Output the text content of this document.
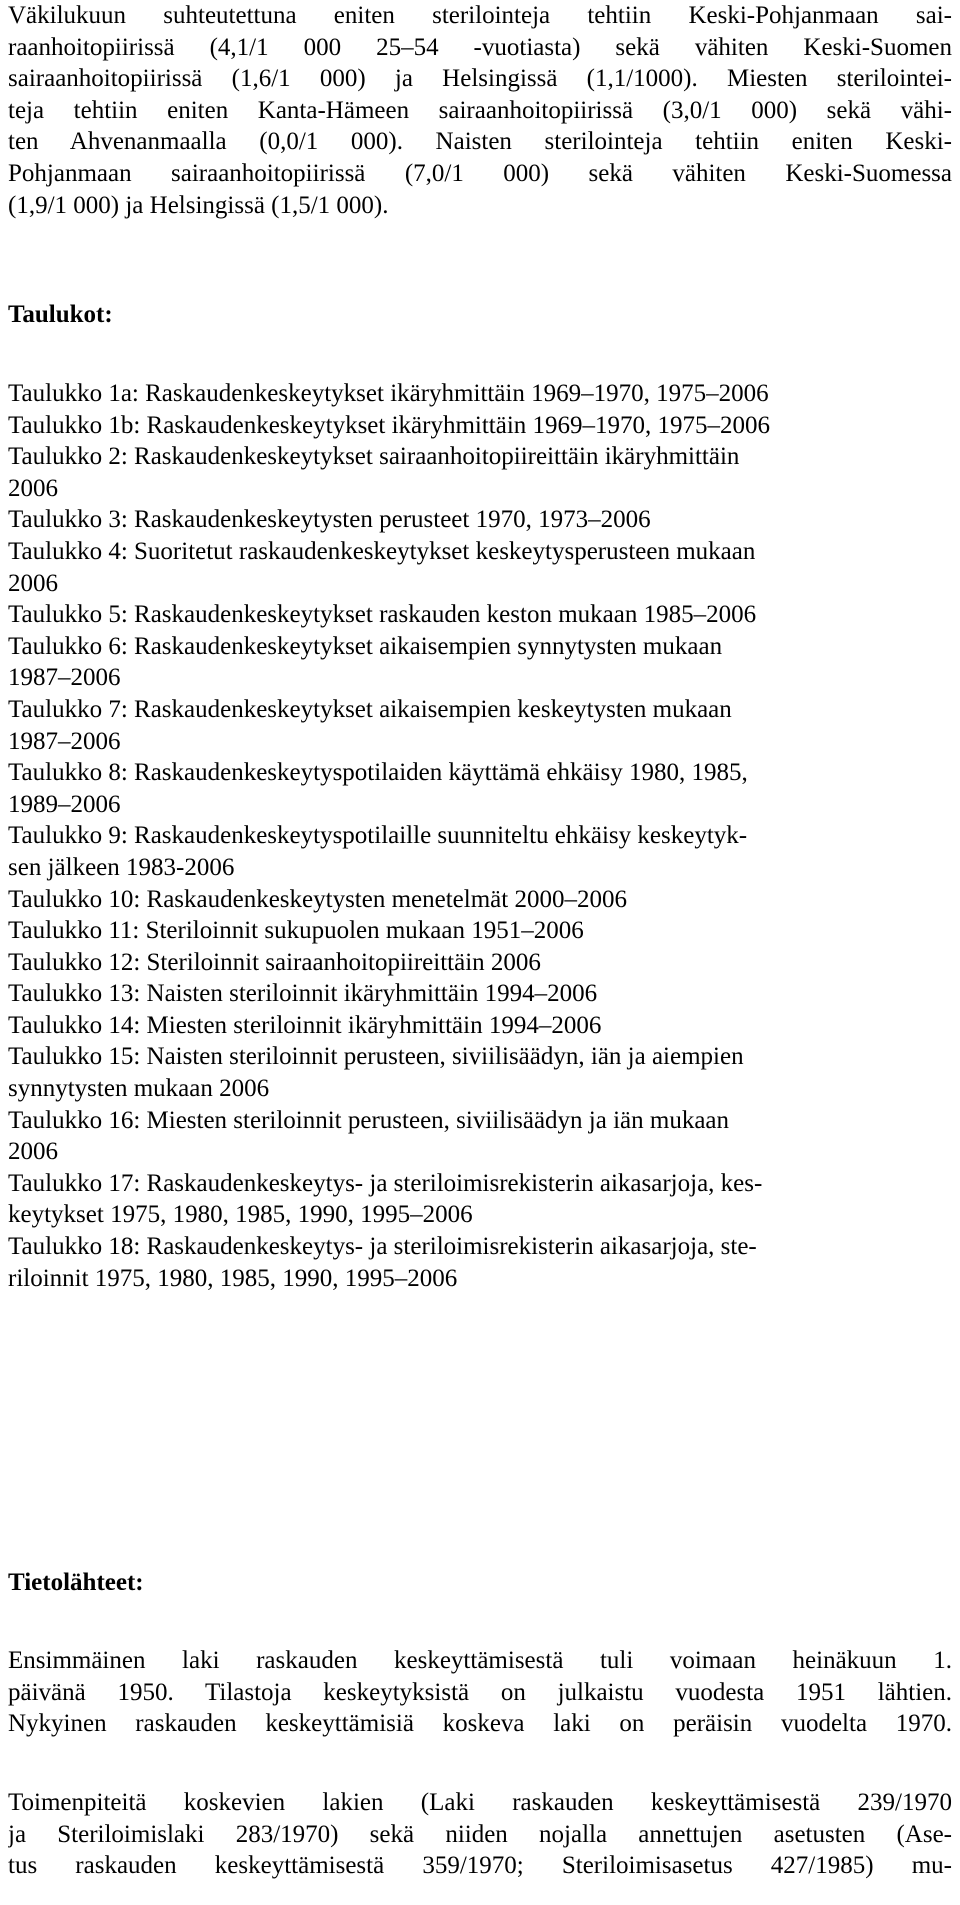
Väkilukuun suhteutettuna eniten sterilointeja tehtiin Keski-Pohjanmaan sai-
raanhoitopiirissä (4,1/1 000 25–54 -vuotiasta) sekä vähiten Keski-Suomen
sairaanhoitopiirissä (1,6/1 000) ja Helsingissä (1,1/1000). Miesten sterilointei-
teja tehtiin eniten Kanta-Hämeen sairaanhoitopiirissä (3,0/1 000) sekä vähi-
ten Ahvenanmaalla (0,0/1 000). Naisten sterilointeja tehtiin eniten Keski-
Pohjanmaan sairaanhoitopiirissä (7,0/1 000) sekä vähiten Keski-Suomessa
(1,9/1 000) ja Helsingissä (1,5/1 000).
Taulukot:
Taulukko 1a: Raskaudenkeskeytykset ikäryhmittäin 1969–1970, 1975–2006
Taulukko 1b: Raskaudenkeskeytykset ikäryhmittäin 1969–1970, 1975–2006
Taulukko 2: Raskaudenkeskeytykset sairaanhoitopiireittäin ikäryhmittäin
2006
Taulukko 3: Raskaudenkeskeytysten perusteet 1970, 1973–2006
Taulukko 4: Suoritetut raskaudenkeskeytykset keskeytysperusteen mukaan
2006
Taulukko 5: Raskaudenkeskeytykset raskauden keston mukaan 1985–2006
Taulukko 6: Raskaudenkeskeytykset aikaisempien synnytysten mukaan
1987–2006
Taulukko 7: Raskaudenkeskeytykset aikaisempien keskeytysten mukaan
1987–2006
Taulukko 8: Raskaudenkeskeytyspotilaiden käyttämä ehkäisy 1980, 1985,
1989–2006
Taulukko 9: Raskaudenkeskeytyspotilaille suunniteltu ehkäisy keskeytyk-
sen jälkeen 1983-2006
Taulukko 10: Raskaudenkeskeytysten menetelmät 2000–2006
Taulukko 11: Steriloinnit sukupuolen mukaan 1951–2006
Taulukko 12: Steriloinnit sairaanhoitopiireittäin 2006
Taulukko 13: Naisten steriloinnit ikäryhmittäin 1994–2006
Taulukko 14: Miesten steriloinnit ikäryhmittäin 1994–2006
Taulukko 15: Naisten steriloinnit perusteen, siviilisäädyn, iän ja aiempien
synnytysten mukaan 2006
Taulukko 16: Miesten steriloinnit perusteen, siviilisäädyn ja iän mukaan
2006
Taulukko 17: Raskaudenkeskeytys- ja steriloimisrekisterin aikasarjoja, kes-
keytykset 1975, 1980, 1985, 1990, 1995–2006
Taulukko 18: Raskaudenkeskeytys- ja steriloimisrekisterin aikasarjoja, ste-
riloinnit 1975, 1980, 1985, 1990, 1995–2006
Tietolähteet:
Ensimmäinen laki raskauden keskeyttämisestä tuli voimaan heinäkuun 1.
päivänä 1950. Tilastoja keskeytyksistä on julkaistu vuodesta 1951 lähtien.
Nykyinen raskauden keskeyttämisiä koskeva laki on peräisin vuodelta 1970.
Toimenpiteitä koskevien lakien (Laki raskauden keskeyttämisestä 239/1970
ja Steriloimislaki 283/1970) sekä niiden nojalla annettujen asetusten (Ase-
tus raskauden keskeyttämisestä 359/1970; Steriloimisasetus 427/1985) mu-
